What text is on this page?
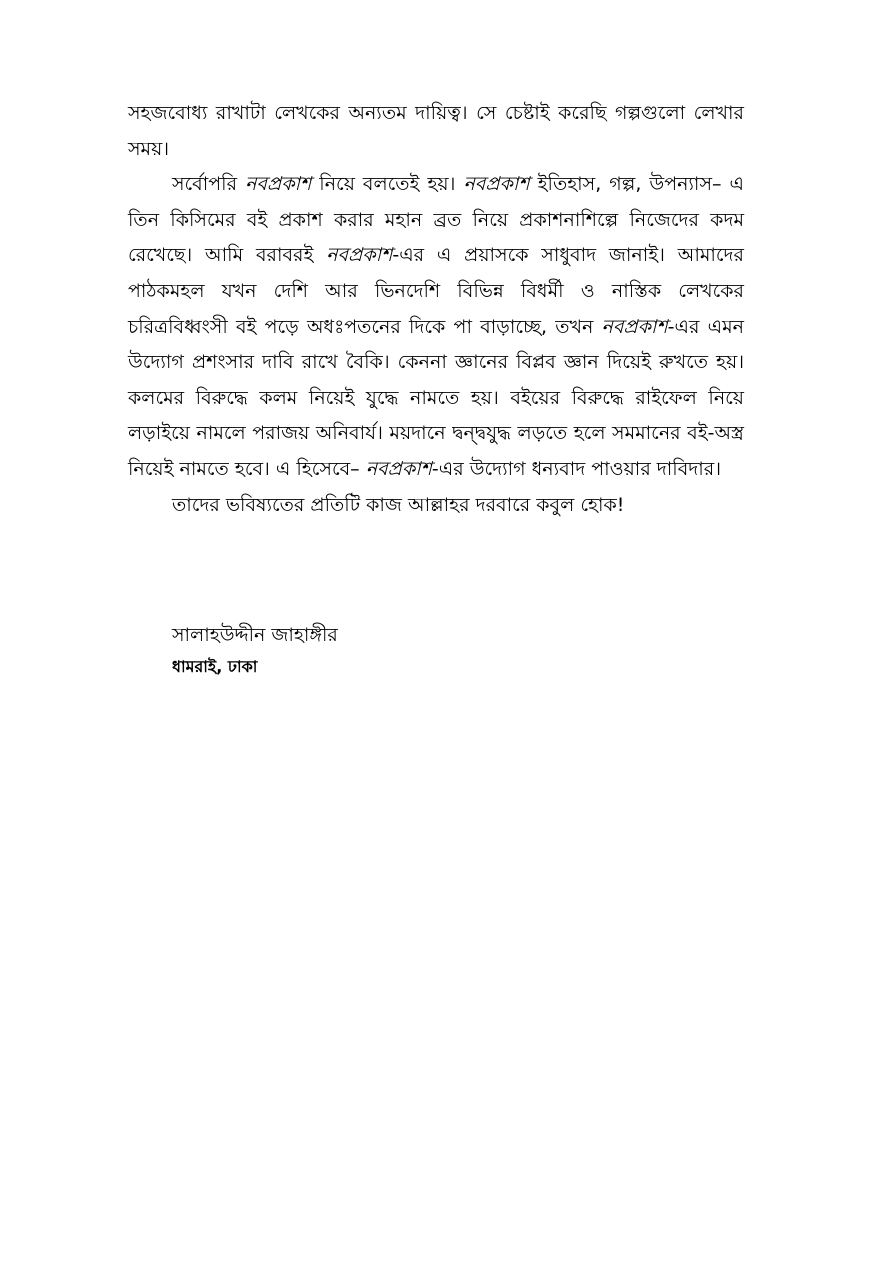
সহজবোধ্য রাখাটা লেখকের অন্যতম দায়িত্ব। সে চেষ্টাই করেছি গল্পগুলো লেখার সময়।

সর্বোপরি নবপ্রকাশ নিয়ে বলতেই হয়। নবপ্রকাশ ইতিহাস, গল্প, উপন্যাস– এ তিন কিসিমের বই প্রকাশ করার মহান ব্রত নিয়ে প্রকাশনাশিল্পে নিজেদের কদম রেখেছে। আমি বরাবরই নবপ্রকাশ-এর এ প্রয়াসকে সাধুবাদ জানাই। আমাদের পাঠকমহল যখন দেশি আর ভিনদেশি বিভিন্ন বিধর্মী ও নাস্তিক লেখকের চরিত্রবিধ্বংসী বই পড়ে অধঃপতনের দিকে পা বাড়াচ্ছে, তখন নবপ্রকাশ-এর এমন উদ্যোগ প্রশংসার দাবি রাখে বৈকি। কেননা জ্ঞানের বিপ্লব জ্ঞান দিয়েই রুখতে হয়। কলমের বিরুদ্ধে কলম নিয়েই যুদ্ধে নামতে হয়। বইয়ের বিরুদ্ধে রাইফেল নিয়ে লড়াইয়ে নামলে পরাজয় অনিবার্য। ময়দানে দ্বন্দ্বযুদ্ধ লড়তে হলে সমমানের বই-অস্ত্র নিয়েই নামতে হবে। এ হিসেবে– নবপ্রকাশ-এর উদ্যোগ ধন্যবাদ পাওয়ার দাবিদার।

তাদের ভবিষ্যতের প্রতিটি কাজ আল্লাহর দরবারে কবুল হোক!

সালাহউদ্দীন জাহাঙ্গীর
ধামরাই, ঢাকা
